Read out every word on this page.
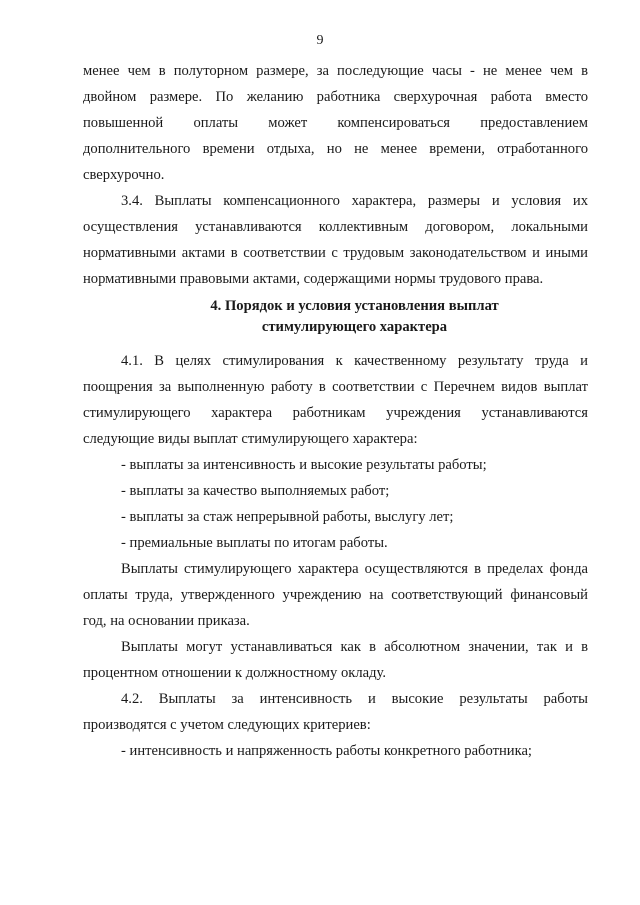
9

менее чем в полуторном размере, за последующие часы - не менее чем в двойном размере. По желанию работника сверхурочная работа вместо повышенной оплаты может компенсироваться предоставлением дополнительного времени отдыха, но не менее времени, отработанного сверхурочно.

3.4. Выплаты компенсационного характера, размеры и условия их осуществления устанавливаются коллективным договором, локальными нормативными актами в соответствии с трудовым законодательством и иными нормативными правовыми актами, содержащими нормы трудового права.

4. Порядок и условия установления выплат
стимулирующего характера

4.1. В целях стимулирования к качественному результату труда и поощрения за выполненную работу в соответствии с Перечнем видов выплат стимулирующего характера работникам учреждения устанавливаются следующие виды выплат стимулирующего характера:

- выплаты за интенсивность и высокие результаты работы;

- выплаты за качество выполняемых работ;

- выплаты за стаж непрерывной работы, выслугу лет;

- премиальные выплаты по итогам работы.

Выплаты стимулирующего характера осуществляются в пределах фонда оплаты труда, утвержденного учреждению на соответствующий финансовый год, на основании приказа.

Выплаты могут устанавливаться как в абсолютном значении, так и в процентном отношении к должностному окладу.

4.2. Выплаты за интенсивность и высокие результаты работы производятся с учетом следующих критериев:

- интенсивность и напряженность работы конкретного работника;
